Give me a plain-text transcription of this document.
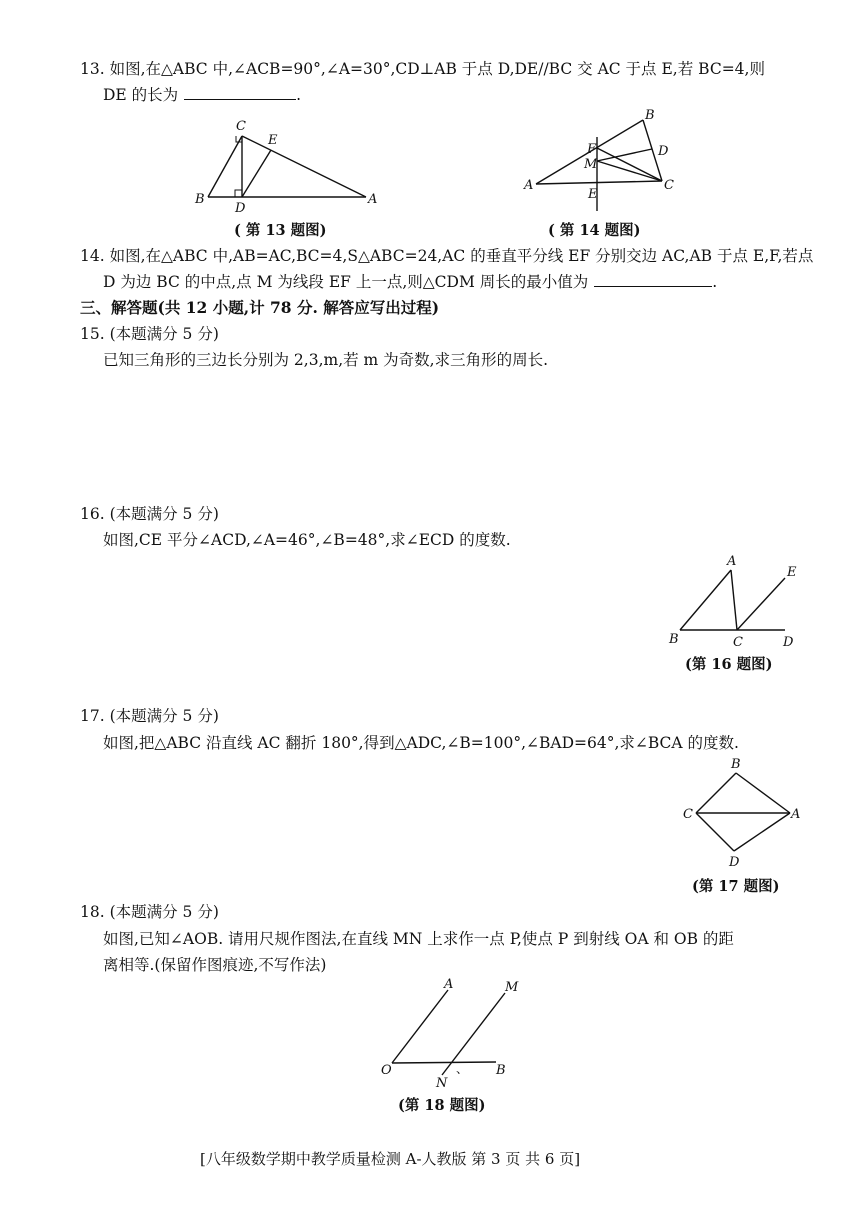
13. 如图,在△ABC 中,∠ACB=90°,∠A=30°,CD⊥AB 于点 D,DE//BC 交 AC 于点 E,若 BC=4,则
DE 的长为	.
C
E
B
D
A
( 第 13 题图)
B
F	D
M
A
E
C
( 第 14 题图)
14. 如图,在△ABC 中,AB=AC,BC=4,S△ABC=24,AC 的垂直平分线 EF 分别交边 AC,AB 于点 E,F,若点
D 为边 BC 的中点,点 M 为线段 EF 上一点,则△CDM 周长的最小值为	.
三、解答题(共 12 小题,计 78 分. 解答应写出过程)
15. (本题满分 5 分)
已知三角形的三边长分别为 2,3,m,若 m 为奇数,求三角形的周长.
16. (本题满分 5 分)
如图,CE 平分∠ACD,∠A=46°,∠B=48°,求∠ECD 的度数.
A
E
B	C	D
(第 16 题图)
17. (本题满分 5 分)
如图,把△ABC 沿直线 AC 翻折 180°,得到△ADC,∠B=100°,∠BAD=64°,求∠BCA 的度数.
B
C	A
D
(第 17 题图)
18. (本题满分 5 分)
如图,已知∠AOB. 请用尺规作图法,在直线 MN 上求作一点 P,使点 P 到射线 OA 和 OB 的距
离相等.(保留作图痕迹,不写作法)
A	M
O
N
、 B
(第 18 题图)
[八年级数学期中教学质量检测 A-人教版 第 3 页 共 6 页]
